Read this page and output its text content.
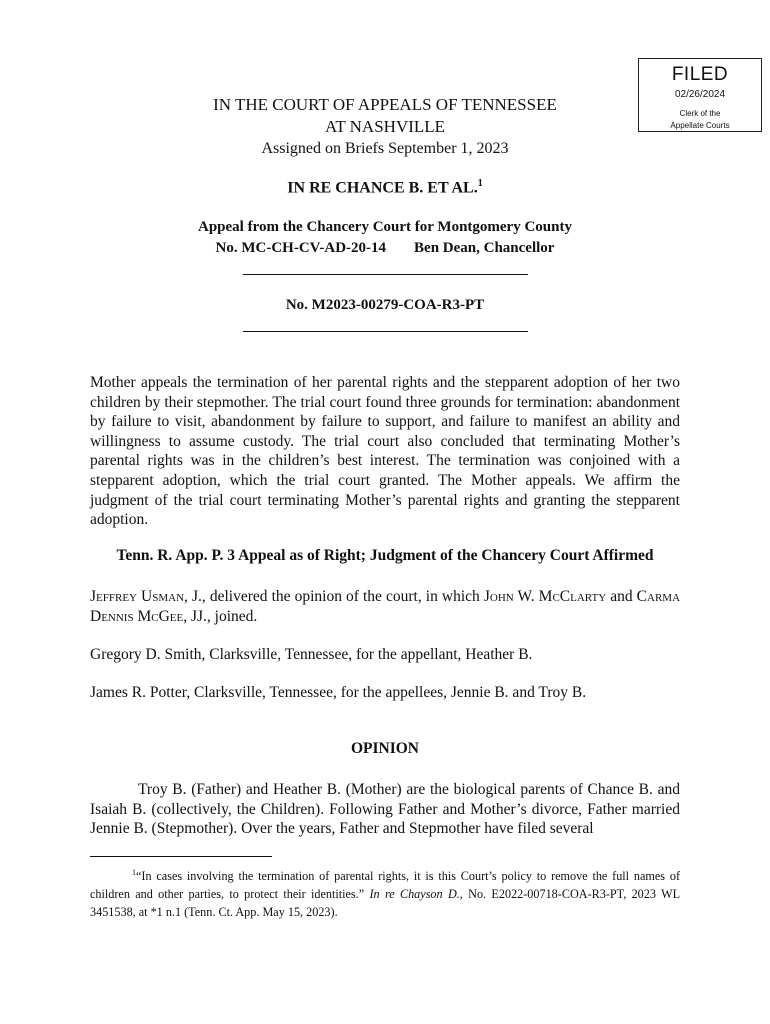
FILED
02/26/2024
Clerk of the
Appellate Courts
IN THE COURT OF APPEALS OF TENNESSEE
AT NASHVILLE
Assigned on Briefs September 1, 2023
IN RE CHANCE B. ET AL.$^1$
Appeal from the Chancery Court for Montgomery County
No. MC-CH-CV-AD-20-14 Ben Dean, Chancellor
No. M2023-00279-COA-R3-PT

Mother appeals the termination of her parental rights and the stepparent adoption of her two children by their stepmother. The trial court found three grounds for termination: abandonment by failure to visit, abandonment by failure to support, and failure to manifest an ability and willingness to assume custody. The trial court also concluded that terminating Mother’s parental rights was in the children’s best interest. The termination was conjoined with a stepparent adoption, which the trial court granted. The Mother appeals. We affirm the judgment of the trial court terminating Mother’s parental rights and granting the stepparent adoption.

Tenn. R. App. P. 3 Appeal as of Right; Judgment of the Chancery Court Affirmed

Jeffrey Usman, J., delivered the opinion of the court, in which John W. McClarty and Carma Dennis McGee, JJ., joined.

Gregory D. Smith, Clarksville, Tennessee, for the appellant, Heather B.

James R. Potter, Clarksville, Tennessee, for the appellees, Jennie B. and Troy B.

OPINION

Troy B. (Father) and Heather B. (Mother) are the biological parents of Chance B. and Isaiah B. (collectively, the Children). Following Father and Mother’s divorce, Father married Jennie B. (Stepmother). Over the years, Father and Stepmother have filed several

$^1$“In cases involving the termination of parental rights, it is this Court’s policy to remove the full names of children and other parties, to protect their identities.” In re Chayson D., No. E2022-00718-COA-R3-PT, 2023 WL 3451538, at *1 n.1 (Tenn. Ct. App. May 15, 2023).
